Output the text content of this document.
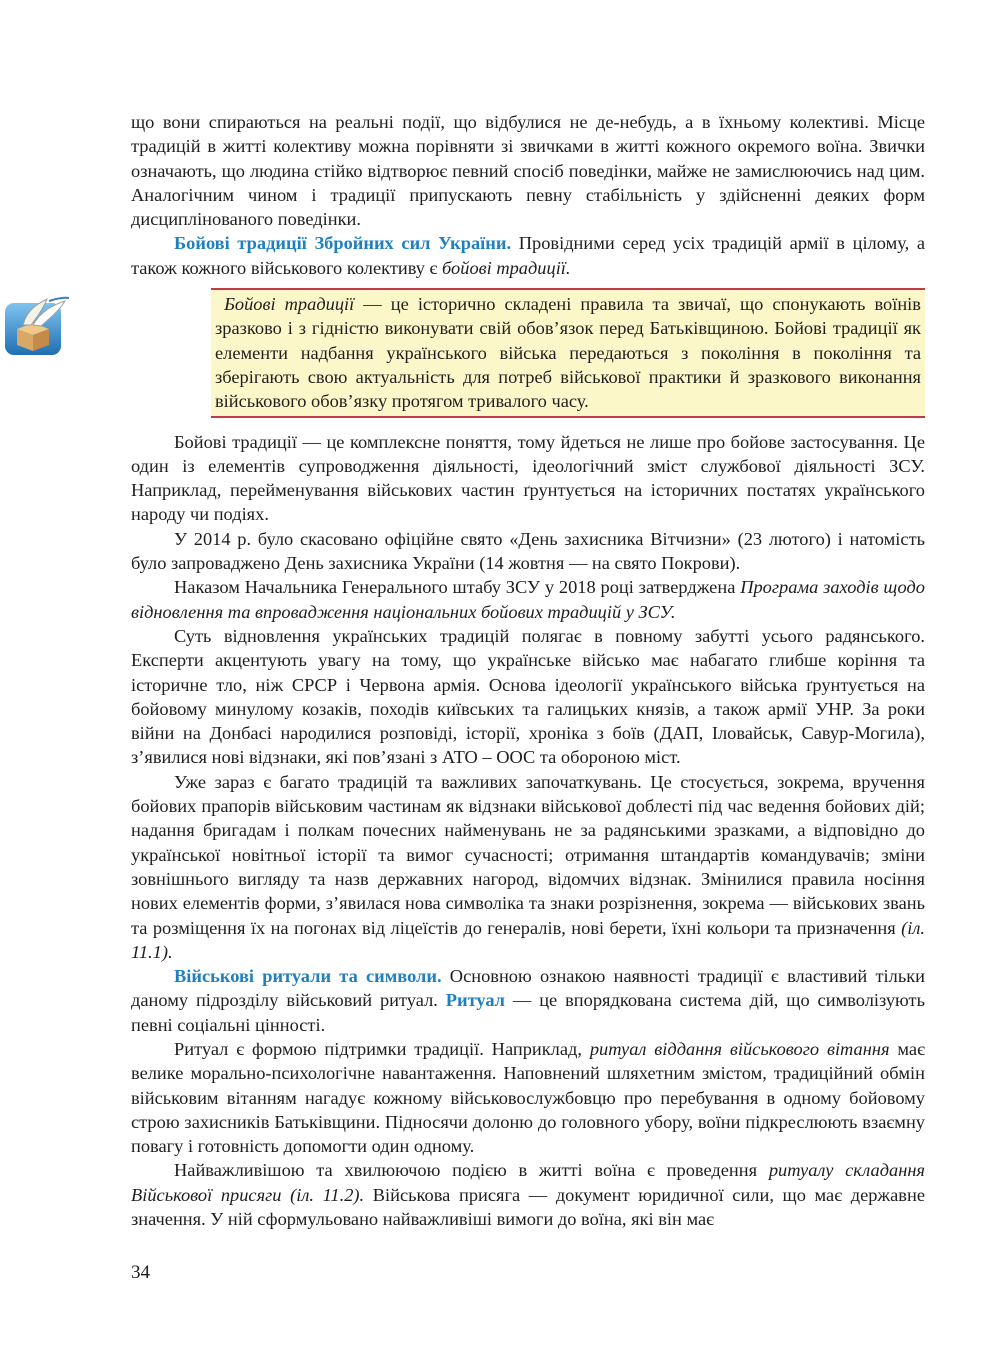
що вони спираються на реальні події, що відбулися не де-небудь, а в їхньому колективі. Місце традицій в житті колективу можна порівняти зі звичками в житті кожного окремого воїна. Звички означають, що людина стійко відтворює певний спосіб поведінки, майже не замислюючись над цим. Аналогічним чином і традиції припускають певну стабільність у здійсненні деяких форм дисциплінованого поведінки.

Бойові традиції Збройних сил України. Провідними серед усіх традицій армії в цілому, а також кожного військового колективу є бойові традиції.

Бойові традиції — це історично складені правила та звичаї, що спонукають воїнів зразково і з гідністю виконувати свій обов’язок перед Батьківщиною. Бойові традиції як елементи надбання українського війська передаються з покоління в покоління та зберігають свою актуальність для потреб військової практики й зразкового виконання військового обов’язку протягом тривалого часу.

Бойові традиції — це комплексне поняття, тому йдеться не лише про бойове застосування. Це один із елементів супроводження діяльності, ідеологічний зміст службової діяльності ЗСУ. Наприклад, перейменування військових частин ґрунтується на історичних постатях українського народу чи подіях.

У 2014 р. було скасовано офіційне свято «День захисника Вітчизни» (23 лютого) і натомість було запроваджено День захисника України (14 жовтня — на свято Покрови).

Наказом Начальника Генерального штабу ЗСУ у 2018 році затверджена Програма заходів щодо відновлення та впровадження національних бойових традицій у ЗСУ.

Суть відновлення українських традицій полягає в повному забутті усього радянського. Експерти акцентують увагу на тому, що українське військо має набагато глибше коріння та історичне тло, ніж СРСР і Червона армія. Основа ідеології українського війська ґрунтується на бойовому минулому козаків, походів київських та галицьких князів, а також армії УНР. За роки війни на Донбасі народилися розповіді, історії, хроніка з боїв (ДАП, Іловайськ, Савур-Могила), з’явилися нові відзнаки, які пов’язані з АТО – ООС та обороною міст.

Уже зараз є багато традицій та важливих започаткувань. Це стосується, зокрема, вручення бойових прапорів військовим частинам як відзнаки військової доблесті під час ведення бойових дій; надання бригадам і полкам почесних найменувань не за радянськими зразками, а відповідно до української новітньої історії та вимог сучасності; отримання штандартів командувачів; зміни зовнішнього вигляду та назв державних нагород, відомчих відзнак. Змінилися правила носіння нових елементів форми, з’явилася нова символіка та знаки розрізнення, зокрема — військових звань та розміщення їх на погонах від ліцеїстів до генералів, нові берети, їхні кольори та призначення (іл. 11.1).

Військові ритуали та символи. Основною ознакою наявності традиції є властивий тільки даному підрозділу військовий ритуал. Ритуал — це впорядкована система дій, що символізують певні соціальні цінності.

Ритуал є формою підтримки традиції. Наприклад, ритуал віддання військового вітання має велике морально-психологічне навантаження. Наповнений шляхетним змістом, традиційний обмін військовим вітанням нагадує кожному військовослужбовцю про перебування в одному бойовому строю захисників Батьківщини. Підносячи долоню до головного убору, воїни підкреслюють взаємну повагу і готовність допомогти один одному.

Найважливішою та хвилюючою подією в житті воїна є проведення ритуалу складання Військової присяги (іл. 11.2). Військова присяга — документ юридичної сили, що має державне значення. У ній сформульовано найважливіші вимоги до воїна, які він має

34
